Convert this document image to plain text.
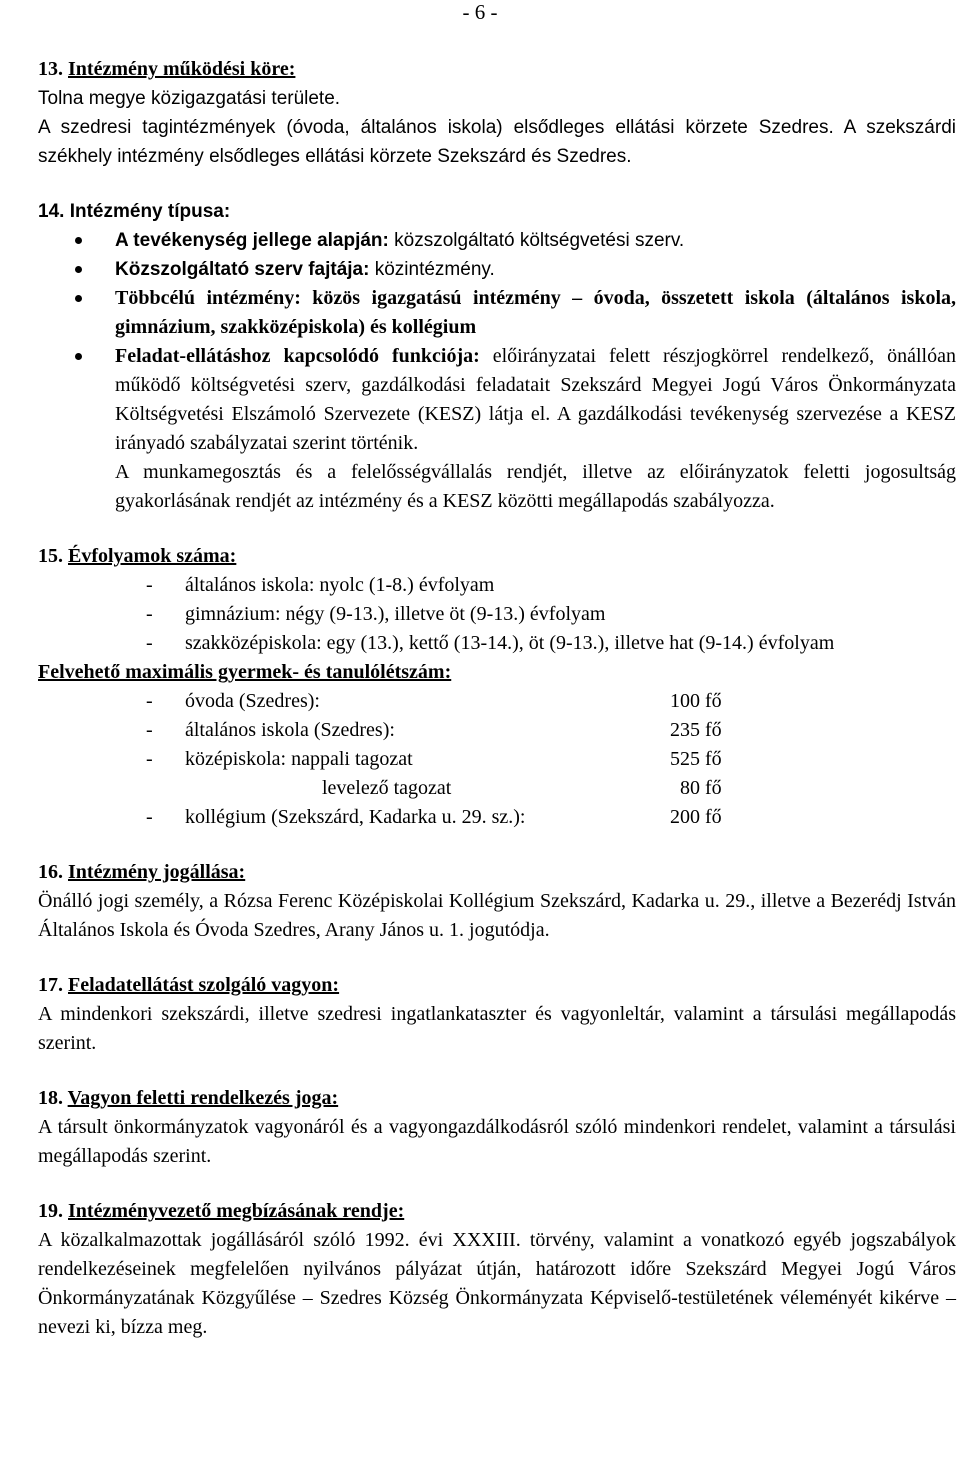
- 6 -
13. Intézmény működési köre:

Tolna megye közigazgatási területe.

A szedresi tagintézmények (óvoda, általános iskola) elsődleges ellátási körzete Szedres. A szekszárdi székhely intézmény elsődleges ellátási körzete Szekszárd és Szedres.

14. Intézmény típusa:
A tevékenység jellege alapján: közszolgáltató költségvetési szerv.
Közszolgáltató szerv fajtája: közintézmény.
Többcélú intézmény: közös igazgatású intézmény – óvoda, összetett iskola (általános iskola, gimnázium, szakközépiskola) és kollégium
Feladat-ellátáshoz kapcsolódó funkciója: előirányzatai felett részjogkörrel rendelkező, önállóan működő költségvetési szerv, gazdálkodási feladatait Szekszárd Megyei Jogú Város Önkormányzata Költségvetési Elszámoló Szervezete (KESZ) látja el. A gazdálkodási tevékenység szervezése a KESZ irányadó szabályzatai szerint történik.

A munkamegosztás és a felelősségvállalás rendjét, illetve az előirányzatok feletti jogosultság gyakorlásának rendjét az intézmény és a KESZ közötti megállapodás szabályozza.

15. Évfolyamok száma:
- általános iskola: nyolc (1-8.) évfolyam
- gimnázium: négy (9-13.), illetve öt (9-13.) évfolyam
- szakközépiskola: egy (13.), kettő (13-14.), öt (9-13.), illetve hat (9-14.) évfolyam
Felvehető maximális gyermek- és tanulólétszám:
- óvoda (Szedres):	100 fő
- általános iskola (Szedres):	235 fő
- középiskola: nappali tagozat	525 fő
levelező tagozat	80 fő
- kollégium (Szekszárd, Kadarka u. 29. sz.):	200 fő
16. Intézmény jogállása:

Önálló jogi személy, a Rózsa Ferenc Középiskolai Kollégium Szekszárd, Kadarka u. 29., illetve a Bezerédj István Általános Iskola és Óvoda Szedres, Arany János u. 1. jogutódja.

17. Feladatellátást szolgáló vagyon:

A mindenkori szekszárdi, illetve szedresi ingatlankataszter és vagyonleltár, valamint a társulási megállapodás szerint.

18. Vagyon feletti rendelkezés joga:

A társult önkormányzatok vagyonáról és a vagyongazdálkodásról szóló mindenkori rendelet, valamint a társulási megállapodás szerint.

19. Intézményvezető megbízásának rendje:

A közalkalmazottak jogállásáról szóló 1992. évi XXXIII. törvény, valamint a vonatkozó egyéb jogszabályok rendelkezéseinek megfelelően nyilvános pályázat útján, határozott időre Szekszárd Megyei Jogú Város Önkormányzatának Közgyűlése – Szedres Község Önkormányzata Képviselő-testületének véleményét kikérve – nevezi ki, bízza meg.
